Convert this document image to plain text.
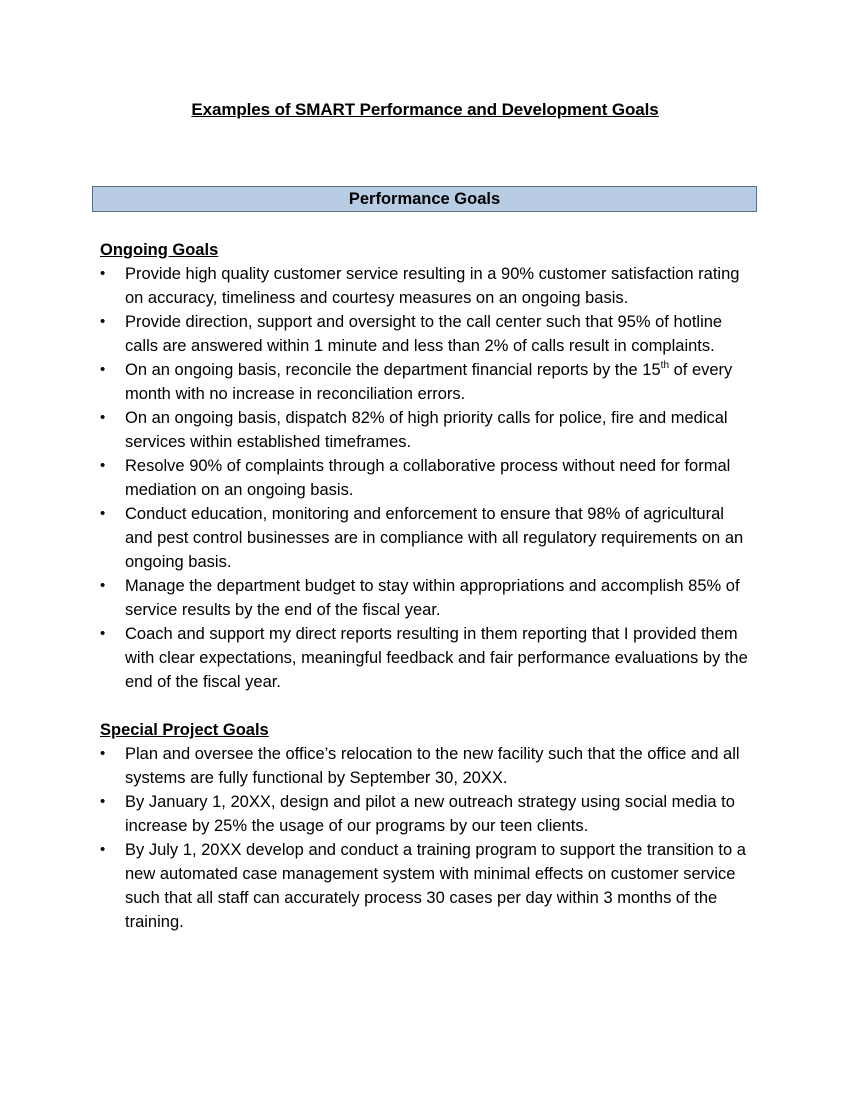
Examples of SMART Performance and Development Goals
Performance Goals

Ongoing Goals

• Provide high quality customer service resulting in a 90% customer satisfaction rating on accuracy, timeliness and courtesy measures on an ongoing basis.
• Provide direction, support and oversight to the call center such that 95% of hotline calls are answered within 1 minute and less than 2% of calls result in complaints.
• On an ongoing basis, reconcile the department financial reports by the 15th of every month with no increase in reconciliation errors.
• On an ongoing basis, dispatch 82% of high priority calls for police, fire and medical services within established timeframes.
• Resolve 90% of complaints through a collaborative process without need for formal mediation on an ongoing basis.
• Conduct education, monitoring and enforcement to ensure that 98% of agricultural and pest control businesses are in compliance with all regulatory requirements on an ongoing basis.
• Manage the department budget to stay within appropriations and accomplish 85% of service results by the end of the fiscal year.
• Coach and support my direct reports resulting in them reporting that I provided them with clear expectations, meaningful feedback and fair performance evaluations by the end of the fiscal year.

Special Project Goals

• Plan and oversee the office’s relocation to the new facility such that the office and all systems are fully functional by September 30, 20XX.
• By January 1, 20XX, design and pilot a new outreach strategy using social media to increase by 25% the usage of our programs by our teen clients.
• By July 1, 20XX develop and conduct a training program to support the transition to a new automated case management system with minimal effects on customer service such that all staff can accurately process 30 cases per day within 3 months of the training.
